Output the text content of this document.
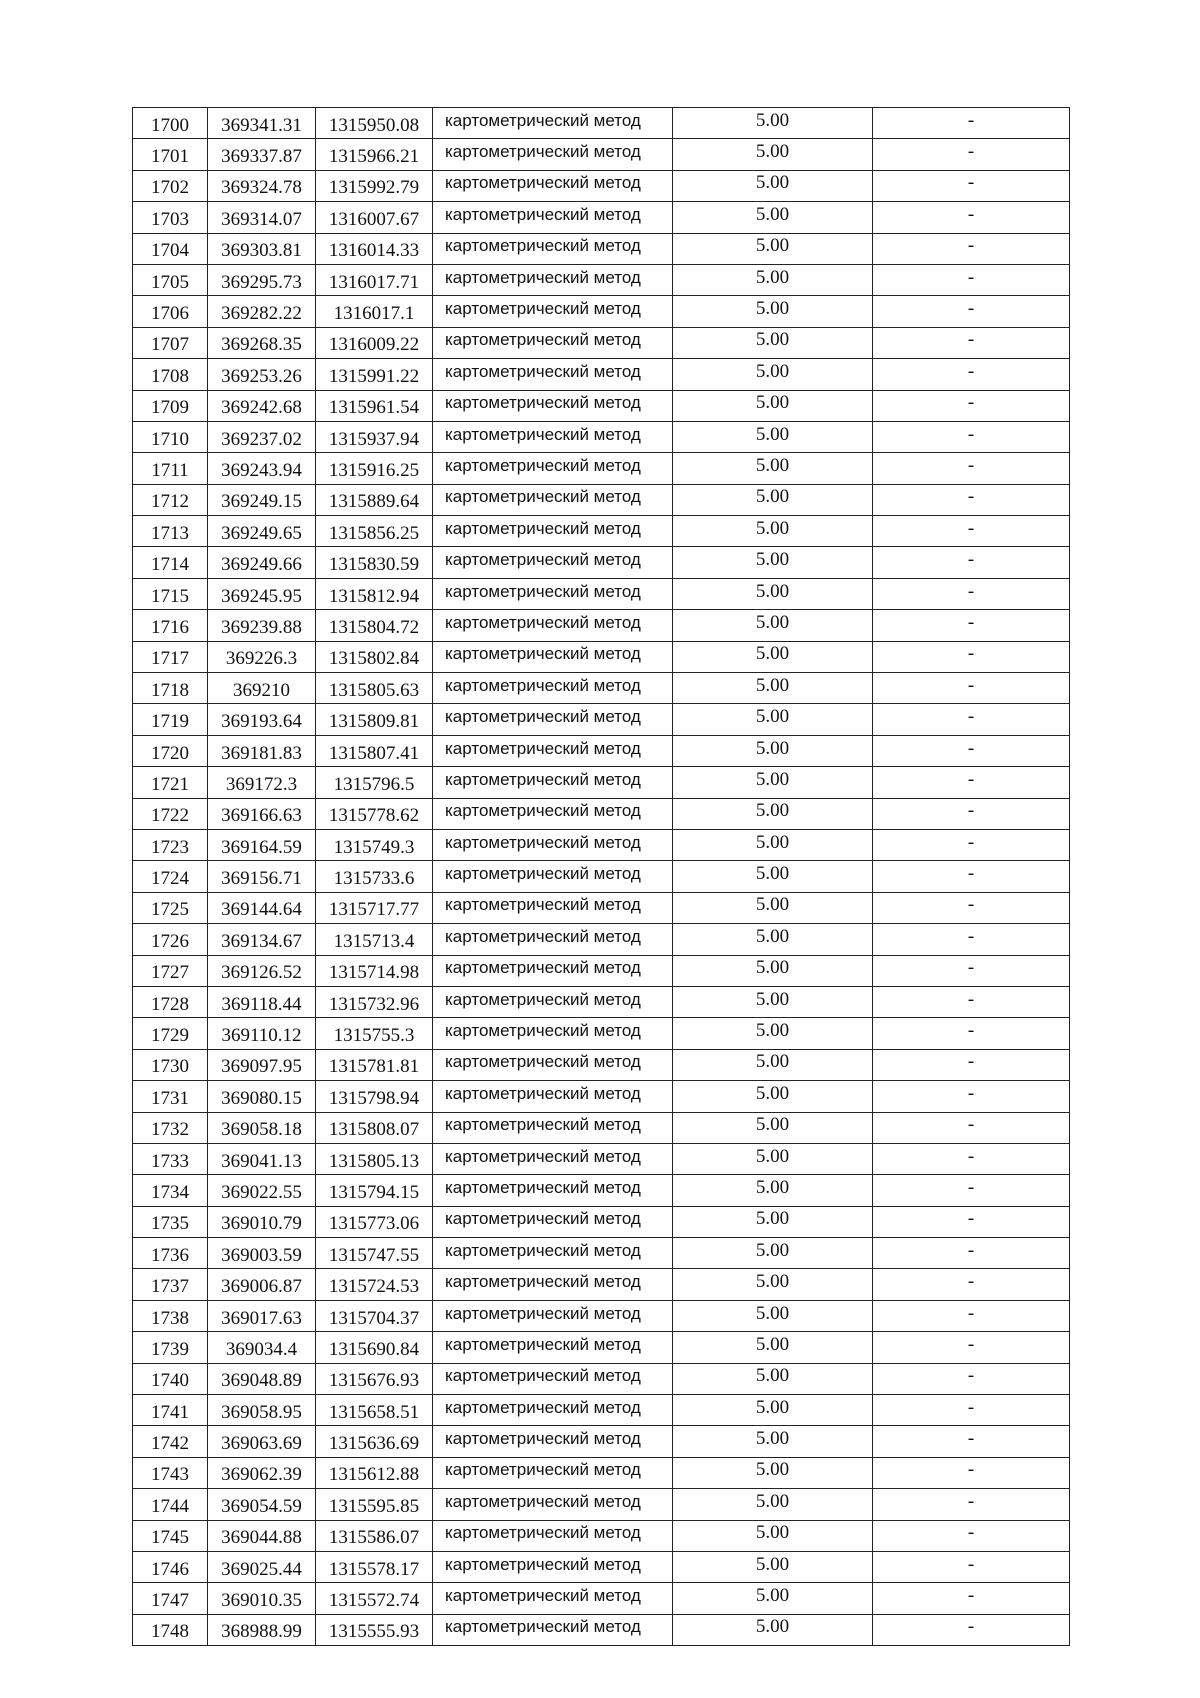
1700	369341.31	1315950.08	картометрический метод	5.00	-
1701	369337.87	1315966.21	картометрический метод	5.00	-
1702	369324.78	1315992.79	картометрический метод	5.00	-
1703	369314.07	1316007.67	картометрический метод	5.00	-
1704	369303.81	1316014.33	картометрический метод	5.00	-
1705	369295.73	1316017.71	картометрический метод	5.00	-
1706	369282.22	1316017.1	картометрический метод	5.00	-
1707	369268.35	1316009.22	картометрический метод	5.00	-
1708	369253.26	1315991.22	картометрический метод	5.00	-
1709	369242.68	1315961.54	картометрический метод	5.00	-
1710	369237.02	1315937.94	картометрический метод	5.00	-
1711	369243.94	1315916.25	картометрический метод	5.00	-
1712	369249.15	1315889.64	картометрический метод	5.00	-
1713	369249.65	1315856.25	картометрический метод	5.00	-
1714	369249.66	1315830.59	картометрический метод	5.00	-
1715	369245.95	1315812.94	картометрический метод	5.00	-
1716	369239.88	1315804.72	картометрический метод	5.00	-
1717	369226.3	1315802.84	картометрический метод	5.00	-
1718	369210	1315805.63	картометрический метод	5.00	-
1719	369193.64	1315809.81	картометрический метод	5.00	-
1720	369181.83	1315807.41	картометрический метод	5.00	-
1721	369172.3	1315796.5	картометрический метод	5.00	-
1722	369166.63	1315778.62	картометрический метод	5.00	-
1723	369164.59	1315749.3	картометрический метод	5.00	-
1724	369156.71	1315733.6	картометрический метод	5.00	-
1725	369144.64	1315717.77	картометрический метод	5.00	-
1726	369134.67	1315713.4	картометрический метод	5.00	-
1727	369126.52	1315714.98	картометрический метод	5.00	-
1728	369118.44	1315732.96	картометрический метод	5.00	-
1729	369110.12	1315755.3	картометрический метод	5.00	-
1730	369097.95	1315781.81	картометрический метод	5.00	-
1731	369080.15	1315798.94	картометрический метод	5.00	-
1732	369058.18	1315808.07	картометрический метод	5.00	-
1733	369041.13	1315805.13	картометрический метод	5.00	-
1734	369022.55	1315794.15	картометрический метод	5.00	-
1735	369010.79	1315773.06	картометрический метод	5.00	-
1736	369003.59	1315747.55	картометрический метод	5.00	-
1737	369006.87	1315724.53	картометрический метод	5.00	-
1738	369017.63	1315704.37	картометрический метод	5.00	-
1739	369034.4	1315690.84	картометрический метод	5.00	-
1740	369048.89	1315676.93	картометрический метод	5.00	-
1741	369058.95	1315658.51	картометрический метод	5.00	-
1742	369063.69	1315636.69	картометрический метод	5.00	-
1743	369062.39	1315612.88	картометрический метод	5.00	-
1744	369054.59	1315595.85	картометрический метод	5.00	-
1745	369044.88	1315586.07	картометрический метод	5.00	-
1746	369025.44	1315578.17	картометрический метод	5.00	-
1747	369010.35	1315572.74	картометрический метод	5.00	-
1748	368988.99	1315555.93	картометрический метод	5.00	-
